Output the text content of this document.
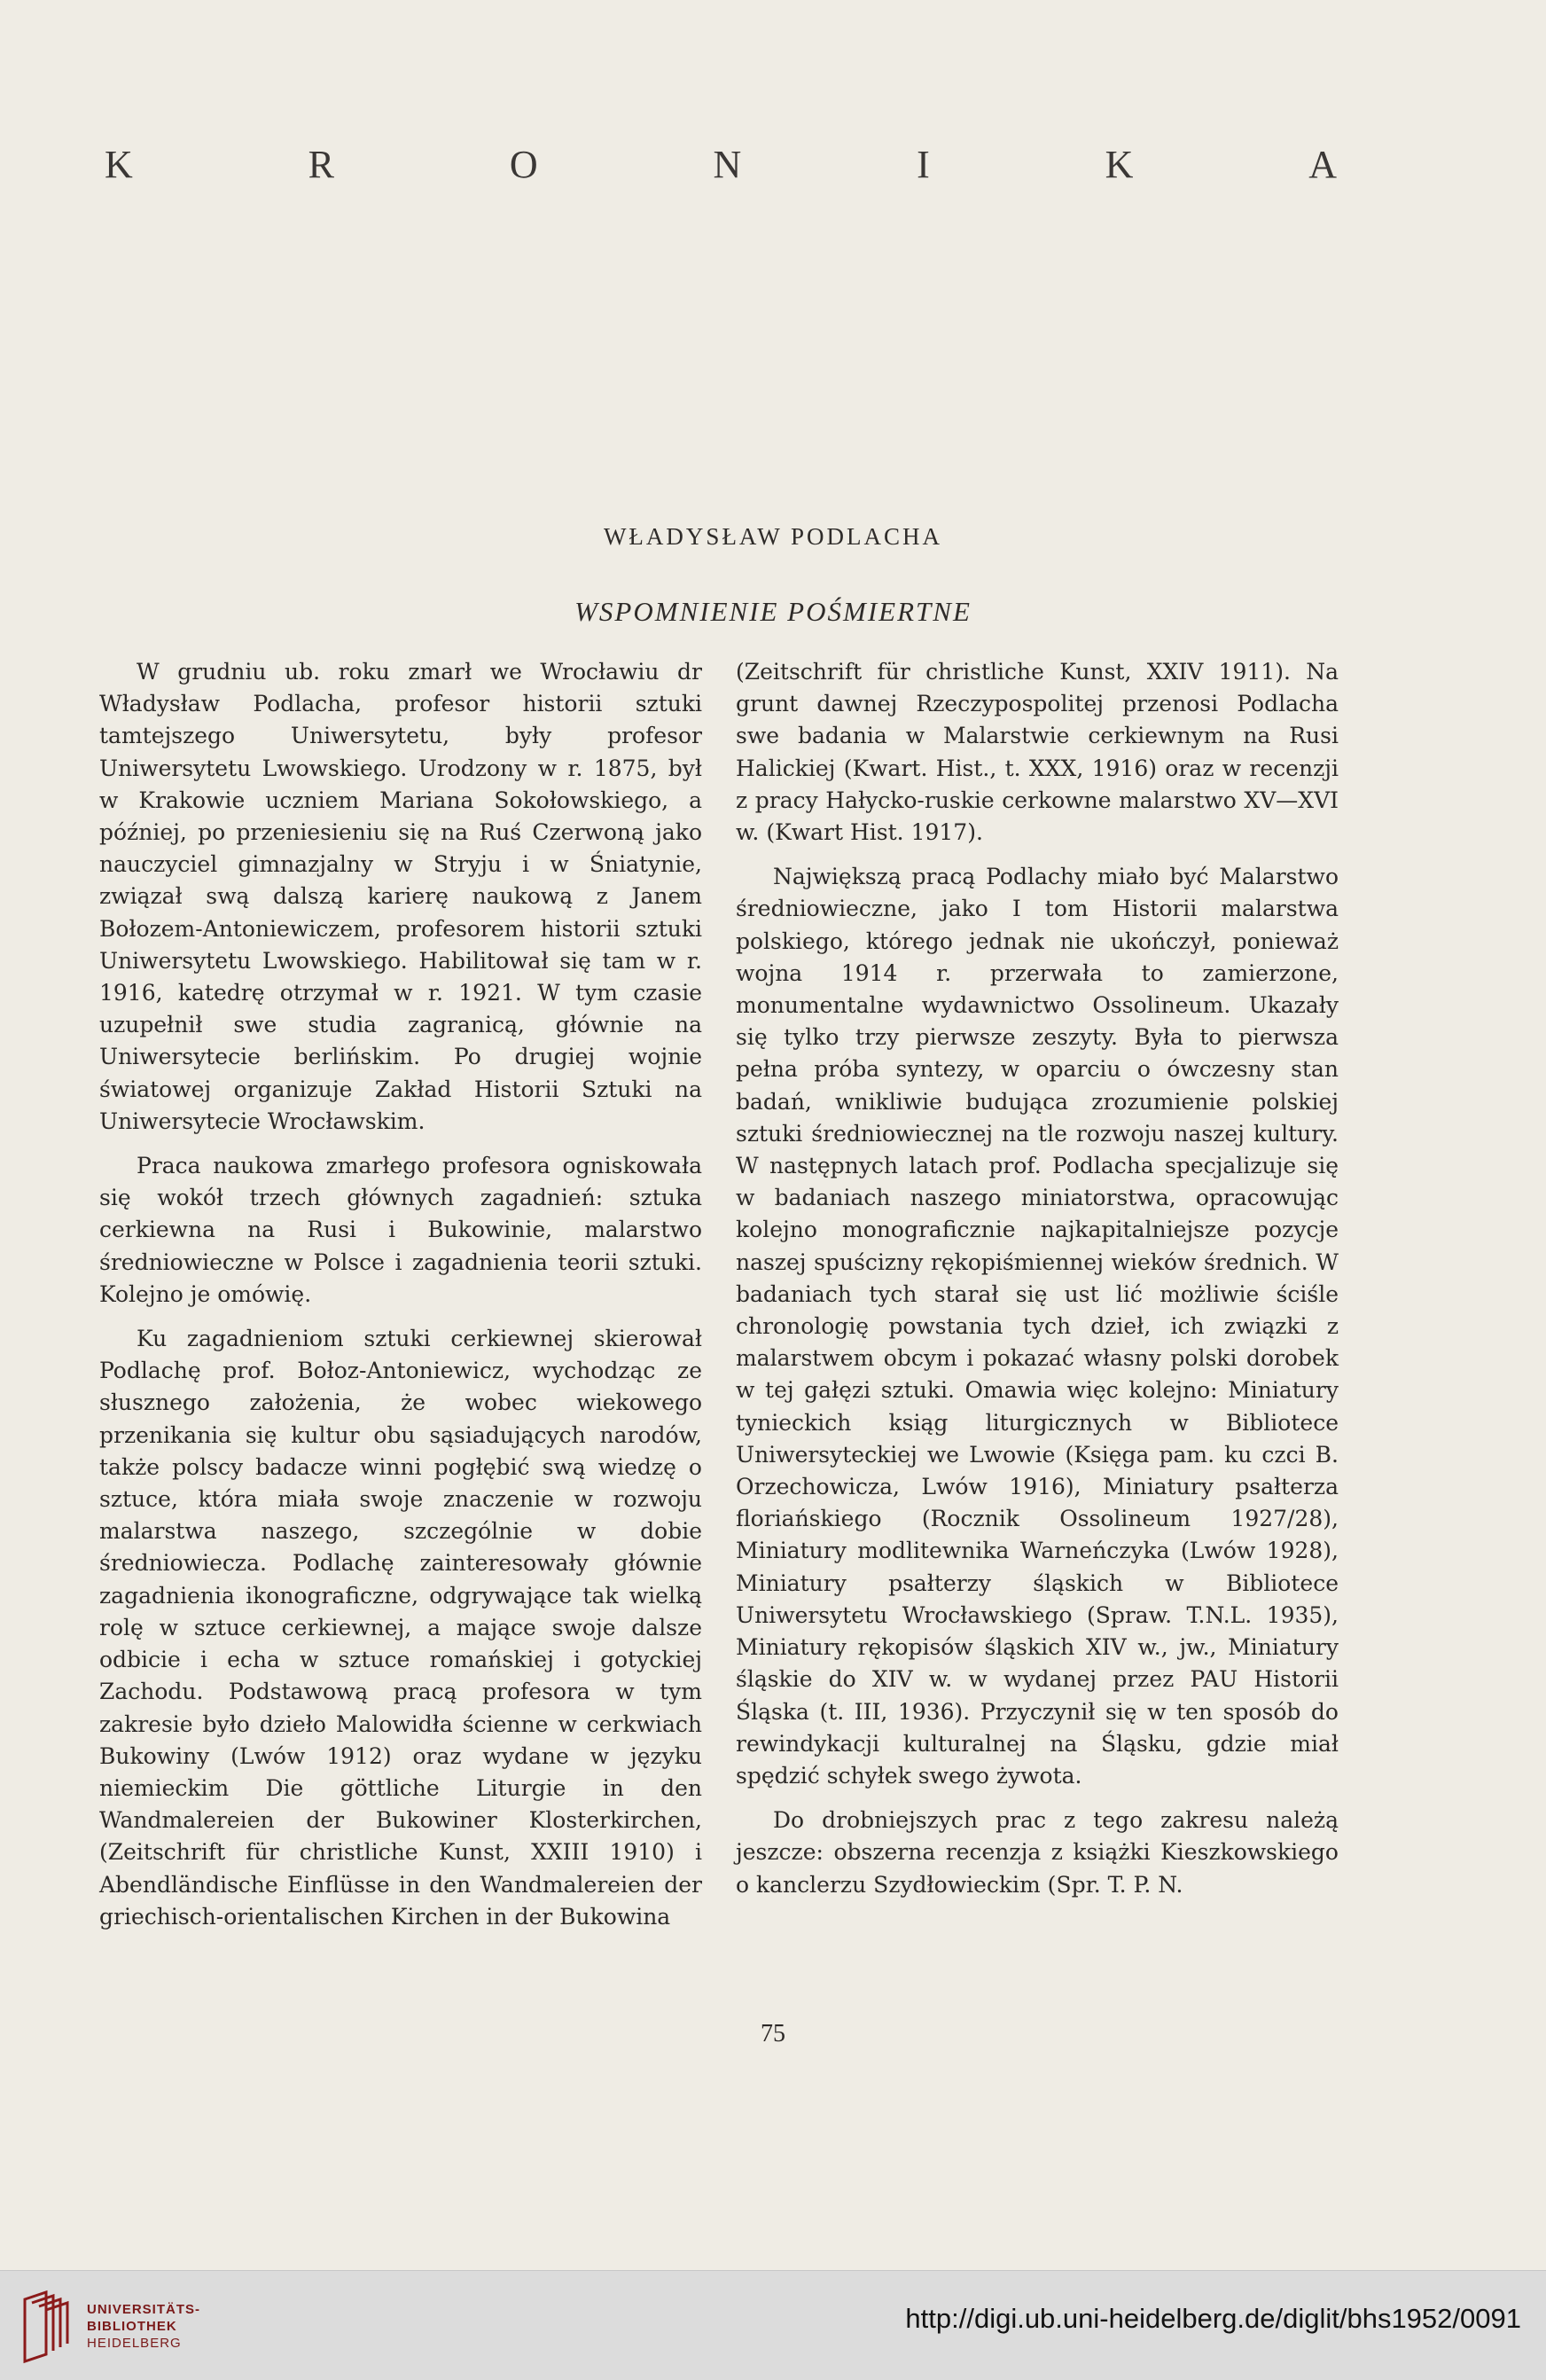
K	R	O	N	I	K	A
WŁADYSŁAW PODLACHA
WSPOMNIENIE POŚMIERTNE

W grudniu ub. roku zmarł we Wrocławiu dr Władysław Podlacha, profesor historii sztuki tamtejszego Uniwersytetu, były profesor Uniwersytetu Lwowskiego. Urodzony w r. 1875, był w Krakowie uczniem Mariana Sokołowskiego, a później, po przeniesieniu się na Ruś Czerwoną jako nauczyciel gimnazjalny w Stryju i w Śniatynie, związał swą dalszą karierę naukową z Janem Bołozem-Antoniewiczem, profesorem historii sztuki Uniwersytetu Lwowskiego. Habilitował się tam w r. 1916, katedrę otrzymał w r. 1921. W tym czasie uzupełnił swe studia zagranicą, głównie na Uniwersytecie berlińskim. Po drugiej wojnie światowej organizuje Zakład Historii Sztuki na Uniwersytecie Wrocławskim.

Praca naukowa zmarłego profesora ogniskowała się wokół trzech głównych zagadnień: sztuka cerkiewna na Rusi i Bukowinie, malarstwo średniowieczne w Polsce i zagadnienia teorii sztuki. Kolejno je omówię.

Ku zagadnieniom sztuki cerkiewnej skierował Podlachę prof. Bołoz-Antoniewicz, wychodząc ze słusznego założenia, że wobec wiekowego przenikania się kultur obu sąsiadujących narodów, także polscy badacze winni pogłębić swą wiedzę o sztuce, która miała swoje znaczenie w rozwoju malarstwa naszego, szczególnie w dobie średniowiecza. Podlachę zainteresowały głównie zagadnienia ikonograficzne, odgrywające tak wielką rolę w sztuce cerkiewnej, a mające swoje dalsze odbicie i echa w sztuce romańskiej i gotyckiej Zachodu. Podstawową pracą profesora w tym zakresie było dzieło Malowidła ścienne w cerkwiach Bukowiny (Lwów 1912) oraz wydane w języku niemieckim Die göttliche Liturgie in den Wandmalereien der Bukowiner Klosterkirchen, (Zeitschrift für christliche Kunst, XXIII 1910) i Abendländische Einflüsse in den Wandmalereien der griechisch-orientalischen Kirchen in der Bukowina

(Zeitschrift für christliche Kunst, XXIV 1911). Na grunt dawnej Rzeczypospolitej przenosi Podlacha swe badania w Malarstwie cerkiewnym na Rusi Halickiej (Kwart. Hist., t. XXX, 1916) oraz w recenzji z pracy Hałycko-ruskie cerkowne malarstwo XV—XVI w. (Kwart Hist. 1917).

Największą pracą Podlachy miało być Malarstwo średniowieczne, jako I tom Historii malarstwa polskiego, którego jednak nie ukończył, ponieważ wojna 1914 r. przerwała to zamierzone, monumentalne wydawnictwo Ossolineum. Ukazały się tylko trzy pierwsze zeszyty. Była to pierwsza pełna próba syntezy, w oparciu o ówczesny stan badań, wnikliwie budująca zrozumienie polskiej sztuki średniowiecznej na tle rozwoju naszej kultury. W następnych latach prof. Podlacha specjalizuje się w badaniach naszego miniatorstwa, opracowując kolejno monograficznie najkapitalniejsze pozycje naszej spuścizny rękopiśmiennej wieków średnich. W badaniach tych starał się ust lić możliwie ściśle chronologię powstania tych dzieł, ich związki z malarstwem obcym i pokazać własny polski dorobek w tej gałęzi sztuki. Omawia więc kolejno: Miniatury tynieckich ksiąg liturgicznych w Bibliotece Uniwersyteckiej we Lwowie (Księga pam. ku czci B. Orzechowicza, Lwów 1916), Miniatury psałterza floriańskiego (Rocznik Ossolineum 1927/28), Miniatury modlitewnika Warneńczyka (Lwów 1928), Miniatury psałterzy śląskich w Bibliotece Uniwersytetu Wrocławskiego (Spraw. T.N.L. 1935), Miniatury rękopisów śląskich XIV w., jw., Miniatury śląskie do XIV w. w wydanej przez PAU Historii Śląska (t. III, 1936). Przyczynił się w ten sposób do rewindykacji kulturalnej na Śląsku, gdzie miał spędzić schyłek swego żywota.

Do drobniejszych prac z tego zakresu należą jeszcze: obszerna recenzja z książki Kieszkowskiego o kanclerzu Szydłowieckim (Spr. T. P. N.

75
UNIVERSITÄTS-
BIBLIOTHEK
HEIDELBERG
http://digi.ub.uni-heidelberg.de/diglit/bhs1952/0091
